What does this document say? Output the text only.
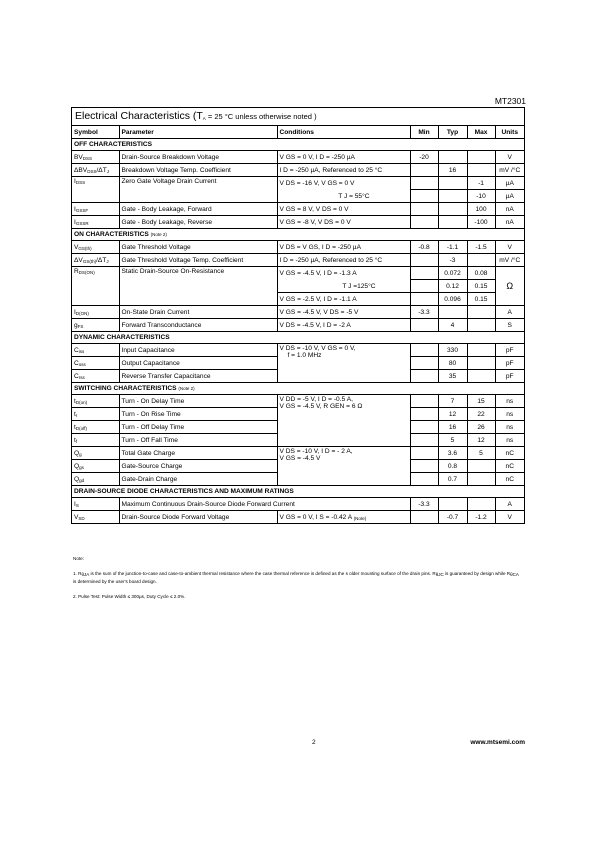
MT2301
Electrical Characteristics ($T_A = 25$ °C unless otherwise noted )
Symbol	Parameter	Conditions	Min	Typ	Max	Units
OFF CHARACTERISTICS						
$BV_{DSS}$	Drain-Source Breakdown Voltage	V GS = 0 V, I D = -250 µA	-20			V
$\Delta BV_{DSS}/\Delta T_J$	Breakdown Voltage Temp. Coefficient	I D = -250 µA, Referenced to 25 °C		16		mV /°C
$I_{DSS}$	Zero Gate Voltage Drain Current	V DS = -16 V, V GS = 0 V			-1	µA
		T J = 55°C			-10	µA
$I_{GSSF}$	Gate - Body Leakage, Forward	V GS = 8 V, V DS = 0 V			100	nA
$I_{GSSR}$	Gate - Body Leakage, Reverse	V GS = -8 V, V DS = 0 V			-100	nA
ON CHARACTERISTICS (Note 2)						
$V_{GS(th)}$	Gate Threshold Voltage	V DS = V GS, I D = -250 µA	-0.8	-1.1	-1.5	V
$\Delta V_{GS(th)}/\Delta T_J$	Gate Threshold Voltage Temp. Coefficient	I D = -250 µA, Referenced to 25 °C		-3		mV /°C
$R_{DS(ON)}$	Static Drain-Source On-Resistance	V GS = -4.5 V, I D = -1.3 A		0.072	0.08	Ω
		T J =125°C		0.12	0.15	
		V GS = -2.5 V, I D = -1.1 A		0.096	0.15	
$I_{D(ON)}$	On-State Drain Current	V GS = -4.5 V, V DS = -5 V	-3.3			A
$g_{FS}$	Forward Transconductance	V DS = -4.5 V, I D = -2 A		4		S
DYNAMIC CHARACTERISTICS						
$C_{iss}$	Input Capacitance	V DS = -10 V, V GS = 0 V,
f = 1.0 MHz		330		pF
$C_{oss}$	Output Capacitance			80		pF
$C_{rss}$	Reverse Transfer Capacitance			35		pF
SWITCHING CHARACTERISTICS (Note 2)						
$t_{D(on)}$	Turn - On Delay Time	V DD = -5 V, I D = -0.5 A,
V GS = -4.5 V, R GEN = 6 Ω		7	15	ns
$t_r$	Turn - On Rise Time			12	22	ns
$t_{D(off)}$	Turn - Off Delay Time			16	26	ns
$t_f$	Turn - Off Fall Time			5	12	ns
$Q_g$	Total Gate Charge	V DS = -10 V, I D = - 2 A,
V GS = -4.5 V		3.6	5	nC
$Q_{gs}$	Gate-Source Charge			0.8		nC
$Q_{gd}$	Gate-Drain Charge			0.7		nC
DRAIN-SOURCE DIODE CHARACTERISTICS AND MAXIMUM RATINGS						
$I_S$	Maximum Continuous Drain-Source Diode Forward Current		-3.3			A
$V_{SD}$	Drain-Source Diode Forward Voltage	V GS = 0 V, I S = -0.42 A $_{(Note)}$		-0.7	-1.2	V

Note:

1. RθJA is the sum of the junction-to-case and case-to-ambient thermal resistance where the case thermal reference is defined as the s older mounting surface of the drain pins. RθJC is guaranteed by design while RθCA is determined by the user's board design.

2. Pulse Test: Pulse Width ≤ 300µs, Duty Cycle ≤ 2.0%.

2	www.mtsemi.com
